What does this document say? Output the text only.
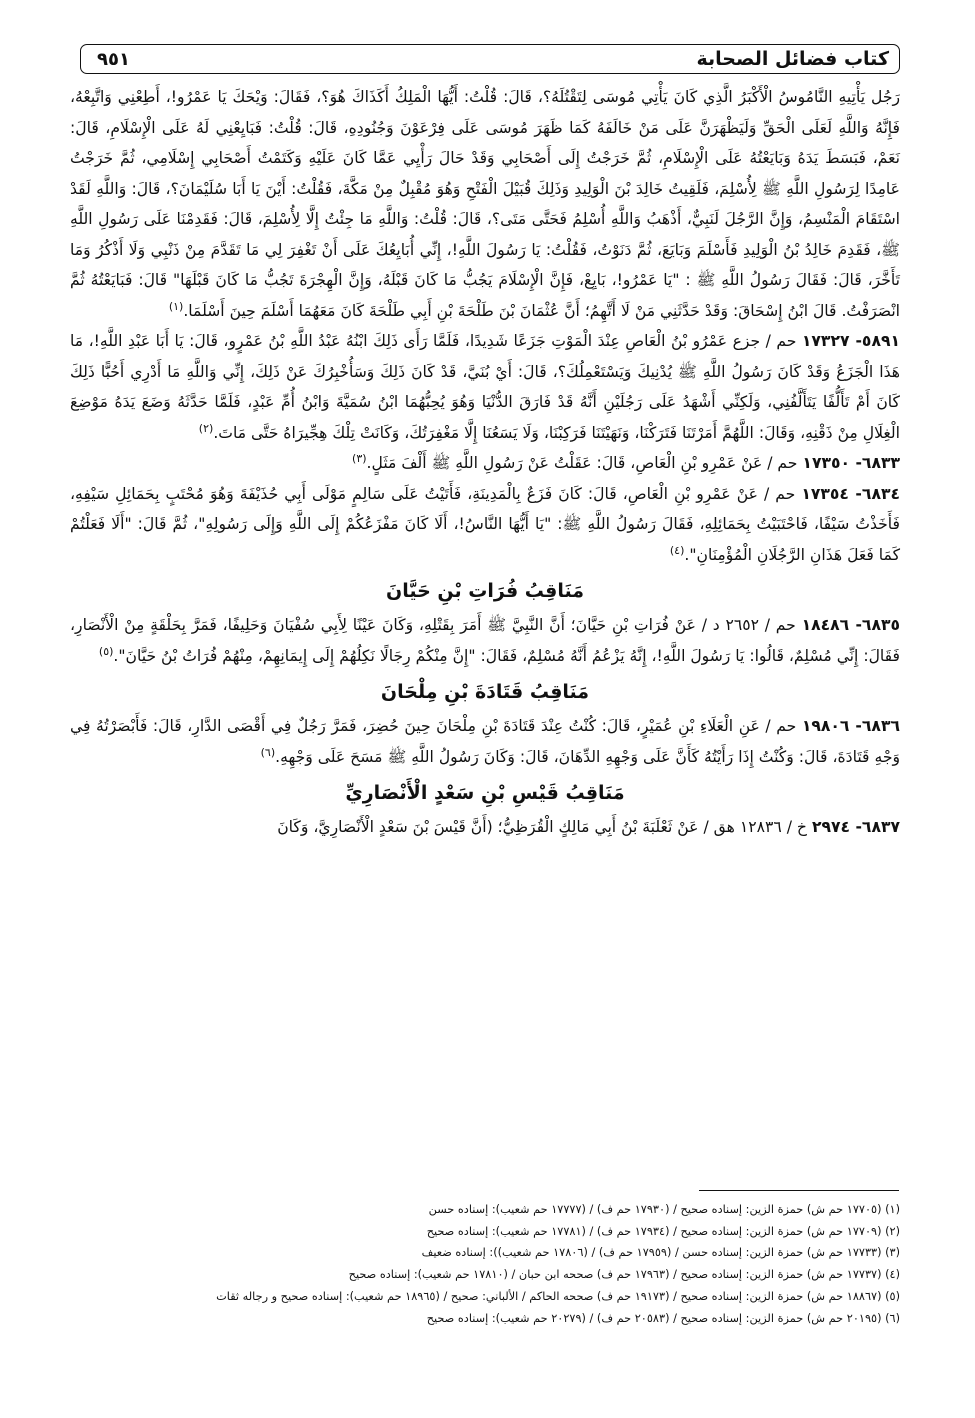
كتاب فضائل الصحابة
٩٥١

رَجُل يَأْتِيهِ النَّامُوسُ الْأَكْبَرُ الَّذِي كَانَ يَأْتِي مُوسَى لِتَقْتُلَهُ؟، قَالَ: قُلْتُ: أَيُّهَا الْمَلِكُ أَكَذَاكَ هُوَ؟، فَقَالَ: وَيْحَكَ يَا عَمْرُو!، أَطِعْنِي وَاتَّبِعْهُ، فَإِنَّهُ وَاللَّهِ لَعَلَى الْحَقِّ وَلَيَظْهَرَنَّ عَلَى مَنْ خَالَفَهُ كَمَا ظَهَرَ مُوسَى عَلَى فِرْعَوْنَ وَجُنُودِهِ، قَالَ: قُلْتُ: فَبَايِعْنِي لَهُ عَلَى الْإِسْلَامِ، قَالَ: نَعَمْ، فَبَسَطَ يَدَهُ وَبَايَعْتُهُ عَلَى الْإِسْلَامِ، ثُمَّ خَرَجْتُ إِلَى أَصْحَابِي وَقَدْ حَالَ رَأْيِي عَمَّا كَانَ عَلَيْهِ وَكَتَمْتُ أَصْحَابِي إِسْلَامِي، ثُمَّ خَرَجْتُ عَامِدًا لِرَسُولِ اللَّهِ ﷺ لِأُسْلِمَ، فَلَقِيتُ خَالِدَ بْنَ الْوَلِيدِ وَذَلِكَ قُبَيْلَ الْفَتْحِ وَهُوَ مُقْبِلٌ مِنْ مَكَّةَ، فَقُلْتُ: أَيْنَ يَا أَبَا سُلَيْمَانَ؟، قَالَ: وَاللَّهِ لَقَدْ اسْتَقَامَ الْمَنْسِمُ، وَإِنَّ الرَّجُلَ لَنَبِيٌّ، أَذْهَبُ وَاللَّهِ أُسْلِمُ فَحَتَّى مَتَى؟، قَالَ: قُلْتُ: وَاللَّهِ مَا جِئْتُ إِلَّا لِأُسْلِمَ، قَالَ: فَقَدِمْنَا عَلَى رَسُولِ اللَّهِ ﷺ، فَقَدِمَ خَالِدُ بْنُ الْوَلِيدِ فَأَسْلَمَ وَبَايَعَ، ثُمَّ دَنَوْتُ، فَقُلْتُ: يَا رَسُولَ اللَّهِ!، إِنِّي أُبَايِعُكَ عَلَى أَنْ تَغْفِرَ لِي مَا تَقَدَّمَ مِنْ ذَنْبِي وَلَا أَذْكُرُ وَمَا تَأَخَّرَ، قَالَ: فَقَالَ رَسُولُ اللَّهِ ﷺ : "يَا عَمْرُو!، بَايِعْ، فَإِنَّ الْإِسْلَامَ يَجُبُّ مَا كَانَ قَبْلَهُ، وَإِنَّ الْهِجْرَةَ تَجُبُّ مَا كَانَ قَبْلَهَا" قَالَ: فَبَايَعْتُهُ ثُمَّ انْصَرَفْتُ. قَالَ ابْنُ إِسْحَاقَ: وَقَدْ حَدَّثَنِي مَنْ لَا أَتَّهِمُ؛ أَنَّ عُثْمَانَ بْنَ طَلْحَةَ بْنِ أَبِي طَلْحَةَ كَانَ مَعَهُمَا أَسْلَمَ حِينَ أَسْلَمَا.$^{(١)}$

٥٨٩١- ١٧٣٢٧ حم / جزع عَمْرُو بْنُ الْعَاصِ عِنْدَ الْمَوْتِ جَزَعًا شَدِيدًا، فَلَمَّا رَأَى ذَلِكَ ابْنُهُ عَبْدُ اللَّهِ بْنُ عَمْرٍو، قَالَ: يَا أَبَا عَبْدِ اللَّهِ!، مَا هَذَا الْجَزَعُ وَقَدْ كَانَ رَسُولُ اللَّهِ ﷺ يُدْنِيكَ وَيَسْتَعْمِلُكَ؟، قَالَ: أَيْ بُنَيَّ، قَدْ كَانَ ذَلِكَ وَسَأُخْبِرُكَ عَنْ ذَلِكَ، إِنِّي وَاللَّهِ مَا أَدْرِي أَحُبًّا ذَلِكَ كَانَ أَمْ تَأَلُّفًا يَتَأَلَّفُنِي، وَلَكِنِّي أَشْهَدُ عَلَى رَجُلَيْنِ أَنَّهُ قَدْ فَارَقَ الدُّنْيَا وَهُوَ يُحِبُّهُمَا ابْنُ سُمَيَّةَ وَابْنُ أُمِّ عَبْدٍ، فَلَمَّا حَدَّثَهُ وَضَعَ يَدَهُ مَوْضِعَ الْغِلَالِ مِنْ ذَقْنِهِ، وَقَالَ: اللَّهُمَّ أَمَرْتَنَا فَتَرَكْنَا، وَنَهَيْتَنَا فَرَكِبْنَا، وَلَا يَسَعُنَا إِلَّا مَغْفِرَتُكَ، وَكَانَتْ تِلْكَ هِجِّيرَاهُ حَتَّى مَاتَ.$^{(٢)}$

٦٨٣٣- ١٧٣٥٠ حم / عَنْ عَمْرِو بْنِ الْعَاصِ، قَالَ: عَقَلْتُ عَنْ رَسُولِ اللَّهِ ﷺ أَلْفَ مَثَلٍ.$^{(٣)}$

٦٨٣٤- ١٧٣٥٤ حم / عَنْ عَمْرِو بْنِ الْعَاصِ، قَالَ: كَانَ فَزَعٌ بِالْمَدِينَةِ، فَأَتَيْتُ عَلَى سَالِمٍ مَوْلَى أَبِي حُذَيْفَةَ وَهُوَ مُحْتَبٍ بِحَمَائِلِ سَيْفِهِ، فَأَخَذْتُ سَيْفًا، فَاحْتَبَيْتُ بِحَمَائِلِهِ، فَقَالَ رَسُولُ اللَّهِ ﷺ: "يَا أَيُّهَا النَّاسُ!، أَلَا كَانَ مَفْزَعُكُمْ إِلَى اللَّهِ وَإِلَى رَسُولِهِ"، ثُمَّ قَالَ: "أَلَا فَعَلْتُمْ كَمَا فَعَلَ هَذَانِ الرَّجُلَانِ الْمُؤْمِنَانِ".$^{(٤)}$

مَنَاقِبُ فُرَاتِ بْنِ حَيَّانَ

٦٨٣٥- ١٨٤٨٦ حم / ٢٦٥٢ د / عَنْ فُرَاتِ بْنِ حَيَّانَ؛ أَنَّ النَّبِيَّ ﷺ أَمَرَ بِقَتْلِهِ، وَكَانَ عَيْنًا لِأَبِي سُفْيَانَ وَحَلِيفًا، فَمَرَّ بِحَلْقَةٍ مِنْ الْأَنْصَارِ، فَقَالَ: إِنِّي مُسْلِمٌ، قَالُوا: يَا رَسُولَ اللَّهِ!، إِنَّهُ يَزْعُمُ أَنَّهُ مُسْلِمٌ، فَقَالَ: "إِنَّ مِنْكُمْ رِجَالًا نَكِلُهُمْ إِلَى إِيمَانِهِمْ، مِنْهُمْ فُرَاتُ بْنُ حَيَّانَ".$^{(٥)}$

مَنَاقِبُ قَتَادَةَ بْنِ مِلْحَانَ

٦٨٣٦- ١٩٨٠٦ حم / عَنِ الْعَلَاءِ بْنِ عُمَيْرٍ، قَالَ: كُنْتُ عِنْدَ قَتَادَةَ بْنِ مِلْحَانَ حِينَ حُضِرَ، فَمَرَّ رَجُلٌ فِي أَقْصَى الدَّارِ، قَالَ: فَأَبْصَرْتُهُ فِي وَجْهِ قَتَادَةَ، قَالَ: وَكُنْتُ إِذَا رَأَيْتُهُ كَأَنَّ عَلَى وَجْهِهِ الدِّهَانَ، قَالَ: وَكَانَ رَسُولُ اللَّهِ ﷺ مَسَحَ عَلَى وَجْهِهِ.$^{(٦)}$

مَنَاقِبُ قَيْسِ بْنِ سَعْدٍ الْأَنْصَارِيِّ

٦٨٣٧- ٢٩٧٤ خ / ١٢٨٣٦ هق / عَنْ ثَعْلَبَةَ بْنُ أَبِي مَالِكٍ الْقُرَظِيُّ؛ (أَنَّ قَيْسَ بْنَ سَعْدٍ الْأَنْصَارِيَّ، وَكَانَ

(١) (١٧٧٠٥ حم ش) حمزة الزين: إسناده صحيح / (١٧٩٣٠ حم ف) / (١٧٧٧٧ حم شعيب): إسناده حسن
(٢) (١٧٧٠٩ حم ش) حمزة الزين: إسناده صحيح / (١٧٩٣٤ حم ف) / (١٧٧٨١ حم شعيب): إسناده صحيح
(٣) (١٧٧٣٣ حم ش) حمزة الزين: إسناده حسن / (١٧٩٥٩ حم ف) / (١٧٨٠٦ حم شعيب)): إسناده ضعيف
(٤) (١٧٧٣٧ حم ش) حمزة الزين: إسناده صحيح / (١٧٩٦٣ حم ف) صححه ابن حبان / (١٧٨١٠ حم شعيب): إسناده صحيح
(٥) (١٨٨٦٧ حم ش) حمزة الزين: إسناده صحيح / (١٩١٧٣ حم ف) صححه الحاكم / الألباني: صحيح / (١٨٩٦٥ حم شعيب): إسناده صحيح و رجاله ثقات
(٦) (٢٠١٩٥ حم ش) حمزة الزين: إسناده صحيح / (٢٠٥٨٣ حم ف) / (٢٠٢٧٩ حم شعيب): إسناده صحيح
